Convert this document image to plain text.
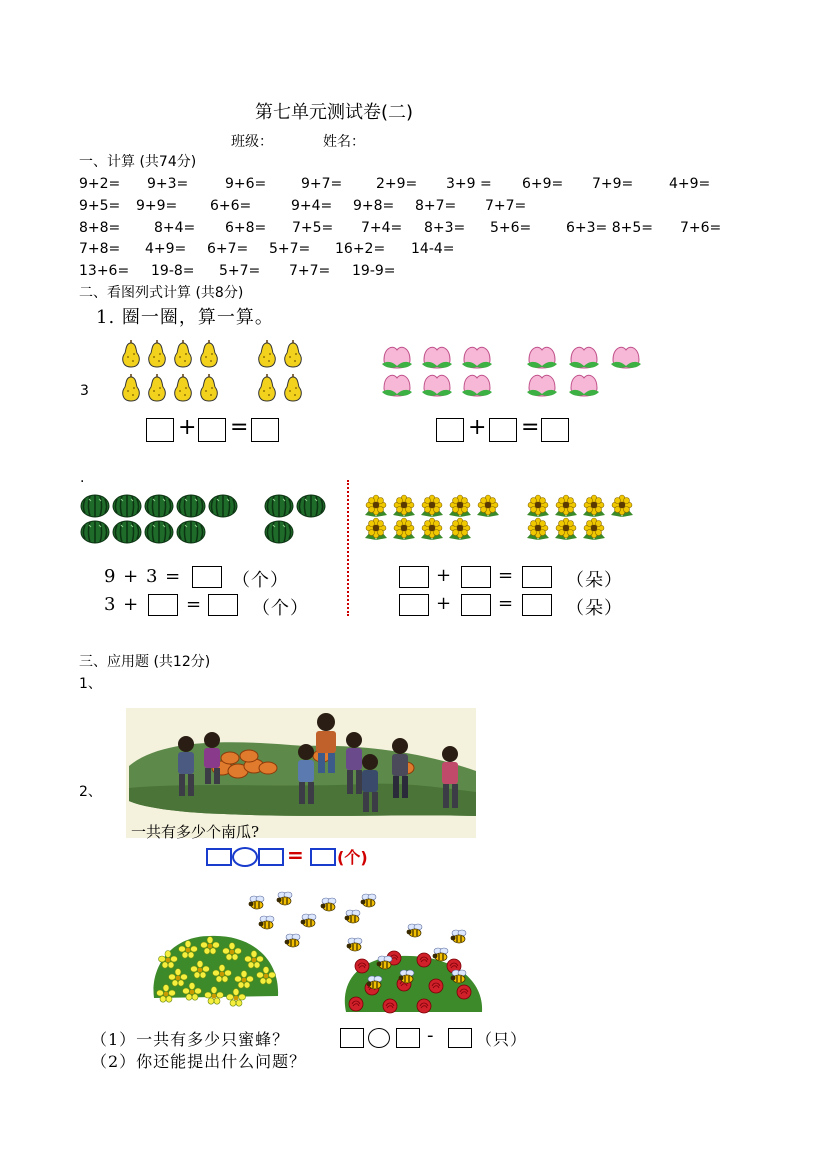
第七单元测试卷(二)
班级：	姓名：
一、计算 (共74分)
9+2= 9+3=	9+6= 9+7= 2+9= 3+9 = 6+9= 7+9=	4+9=
9+5= 9+9= 6+6=	9+4= 9+8= 8+7= 7+7=
8+8= 8+4= 6+8= 7+5= 7+4= 8+3= 5+6= 6+3= 8+5= 7+6=
7+8= 4+9= 6+7= 5+7= 16+2= 14-4=
13+6= 19-8= 5+7= 7+7= 19-9=
二、看图列式计算 (共8分)
1. 圈一圈，算一算。
3
+ =	+ =
.
9 + 3 =	（个）
3 +	=	（个）
+	=	（朵）
+	=	（朵）
三、应用题 (共12分)
1、
2、
一共有多少个南瓜?
= (个)
（1）一共有多少只蜜蜂？	-	（只）
（2）你还能提出什么问题？
